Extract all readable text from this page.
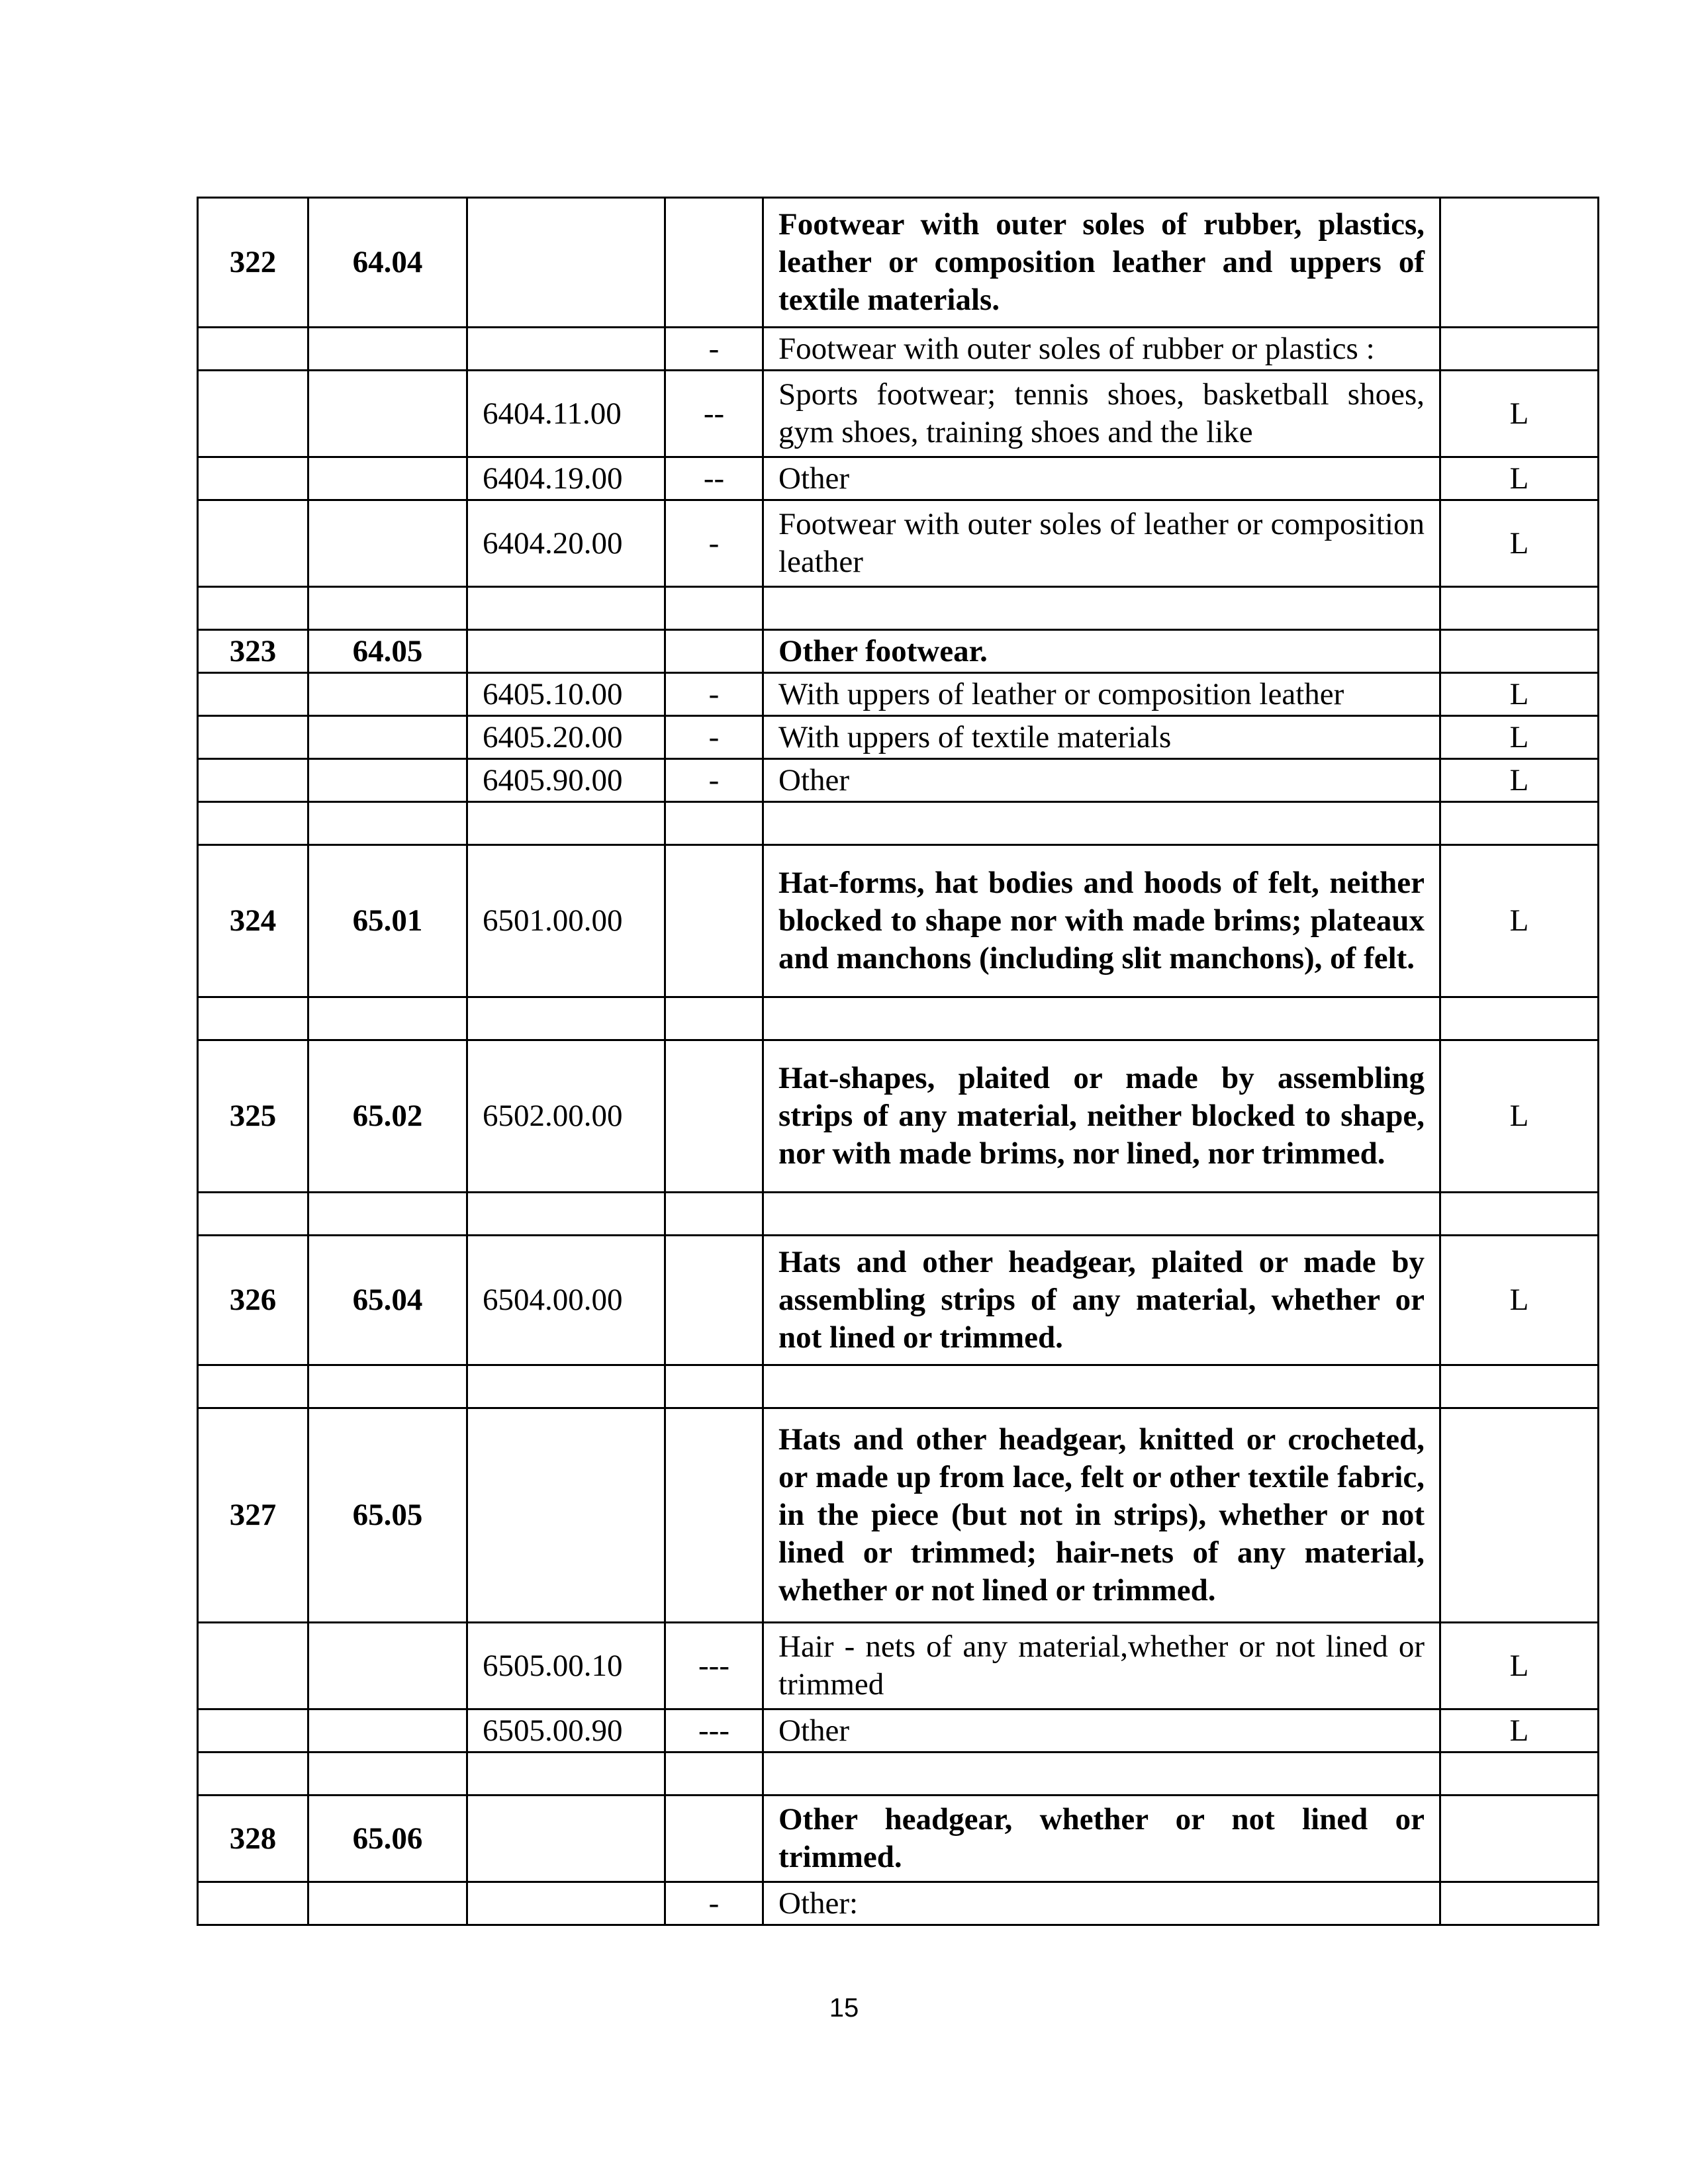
322	64.04			Footwear with outer soles of rubber, plastics, leather or composition leather and uppers of textile materials.	
			-	Footwear with outer soles of rubber or plastics :	
		6404.11.00	--	Sports footwear; tennis shoes, basketball shoes, gym shoes, training shoes and the like	L
		6404.19.00	--	Other	L
		6404.20.00	-	Footwear with outer soles of leather or composition leather	L

323	64.05			Other footwear.	
		6405.10.00	-	With uppers of leather or composition leather	L
		6405.20.00	-	With uppers of textile materials	L
		6405.90.00	-	Other	L

324	65.01	6501.00.00		Hat-forms, hat bodies and hoods of felt, neither blocked to shape nor with made brims; plateaux and manchons (including slit manchons), of felt.	L

325	65.02	6502.00.00		Hat-shapes, plaited or made by assembling strips of any material, neither blocked to shape, nor with made brims, nor lined, nor trimmed.	L

326	65.04	6504.00.00		Hats and other headgear, plaited or made by assembling strips of any material, whether or not lined or trimmed.	L

327	65.05			Hats and other headgear, knitted or crocheted, or made up from lace, felt or other textile fabric, in the piece (but not in strips), whether or not lined or trimmed; hair-nets of any material, whether or not lined or trimmed.	
		6505.00.10	---	Hair - nets of any material,whether or not lined or trimmed	L
		6505.00.90	---	Other	L

328	65.06			Other headgear, whether or not lined or trimmed.	
			-	Other:	
15
